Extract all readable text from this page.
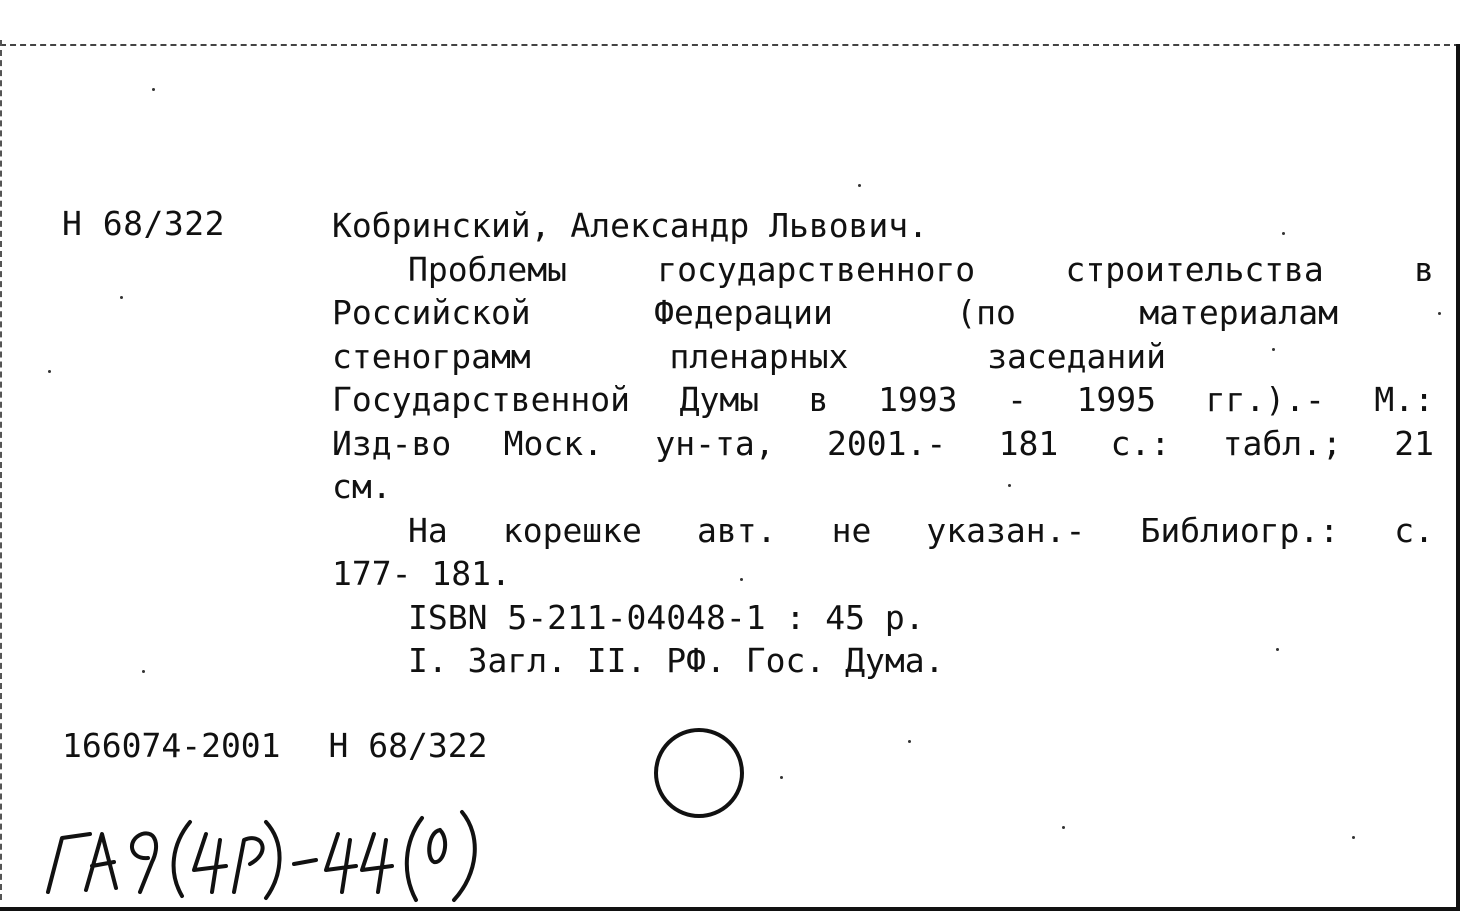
Н 68/322	Кобринский, Александр Львович.

Проблемы государственного строительства в

Российской Федерации (по материалам

стенограмм пленарных заседаний

Государственной Думы в 1993 - 1995 гг.).- М.:

Изд-во Моск. ун-та, 2001.- 181 с.: табл.; 21

см.

На корешке авт. не указан.- Библиогр.: с.

177- 181.

ISBN 5-211-04048-1 : 45 р.

I. Загл. II. РФ. Гос. Дума.

166074-2001 Н 68/322
